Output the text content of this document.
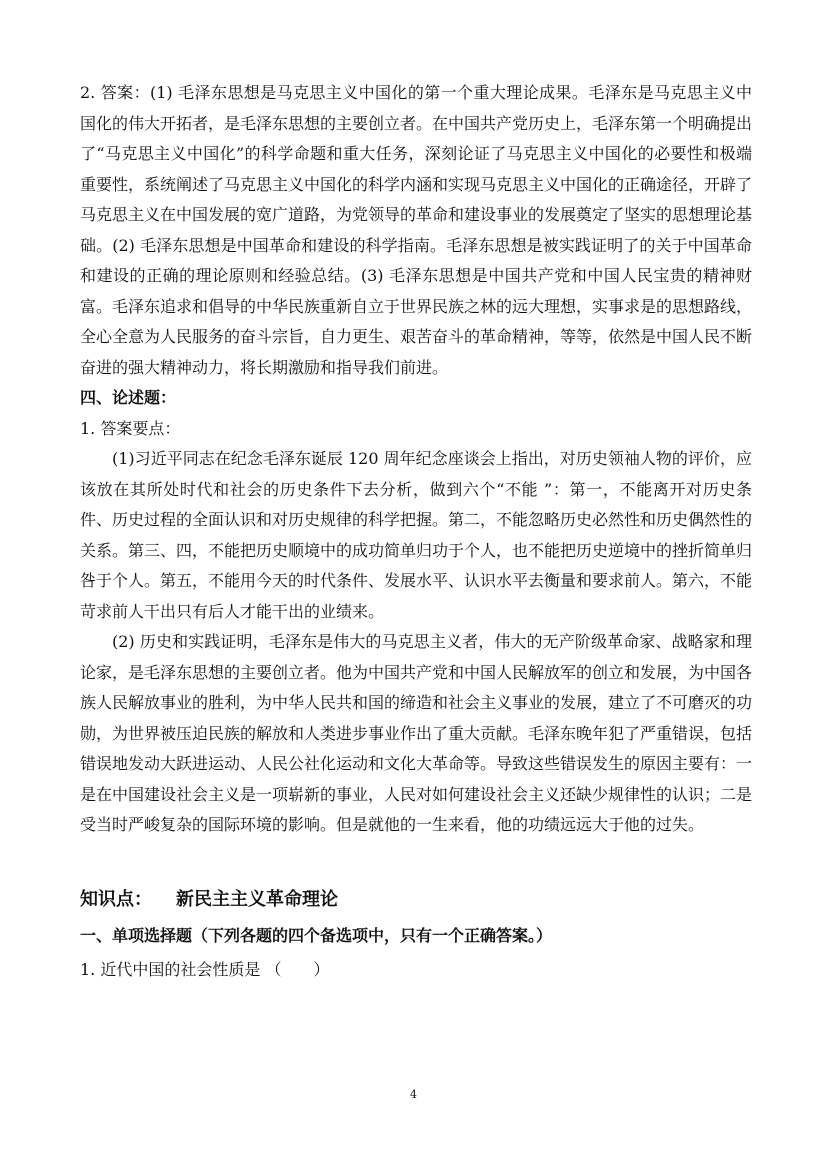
2. 答案：(1) 毛泽东思想是马克思主义中国化的第一个重大理论成果。毛泽东是马克思主义中国化的伟大开拓者，是毛泽东思想的主要创立者。在中国共产党历史上，毛泽东第一个明确提出了“马克思主义中国化”的科学命题和重大任务，深刻论证了马克思主义中国化的必要性和极端重要性，系统阐述了马克思主义中国化的科学内涵和实现马克思主义中国化的正确途径，开辟了马克思主义在中国发展的宽广道路，为党领导的革命和建设事业的发展奠定了坚实的思想理论基础。(2) 毛泽东思想是中国革命和建设的科学指南。毛泽东思想是被实践证明了的关于中国革命和建设的正确的理论原则和经验总结。(3) 毛泽东思想是中国共产党和中国人民宝贵的精神财富。毛泽东追求和倡导的中华民族重新自立于世界民族之林的远大理想，实事求是的思想路线，全心全意为人民服务的奋斗宗旨，自力更生、艰苦奋斗的革命精神，等等，依然是中国人民不断奋进的强大精神动力，将长期激励和指导我们前进。

四、论述题：

1. 答案要点：

(1)习近平同志在纪念毛泽东诞辰 120 周年纪念座谈会上指出，对历史领袖人物的评价，应该放在其所处时代和社会的历史条件下去分析，做到六个“不能 ”：第一，不能离开对历史条件、历史过程的全面认识和对历史规律的科学把握。第二，不能忽略历史必然性和历史偶然性的关系。第三、四，不能把历史顺境中的成功简单归功于个人，也不能把历史逆境中的挫折简单归咎于个人。第五，不能用今天的时代条件、发展水平、认识水平去衡量和要求前人。第六，不能苛求前人干出只有后人才能干出的业绩来。

(2) 历史和实践证明，毛泽东是伟大的马克思主义者，伟大的无产阶级革命家、战略家和理论家，是毛泽东思想的主要创立者。他为中国共产党和中国人民解放军的创立和发展，为中国各族人民解放事业的胜利，为中华人民共和国的缔造和社会主义事业的发展，建立了不可磨灭的功勋，为世界被压迫民族的解放和人类进步事业作出了重大贡献。毛泽东晚年犯了严重错误，包括错误地发动大跃进运动、人民公社化运动和文化大革命等。导致这些错误发生的原因主要有：一是在中国建设社会主义是一项崭新的事业，人民对如何建设社会主义还缺少规律性的认识；二是受当时严峻复杂的国际环境的影响。但是就他的一生来看，他的功绩远远大于他的过失。

知识点： 新民主主义革命理论

一、单项选择题（下列各题的四个备选项中，只有一个正确答案。）

1. 近代中国的社会性质是 （　　）

4
